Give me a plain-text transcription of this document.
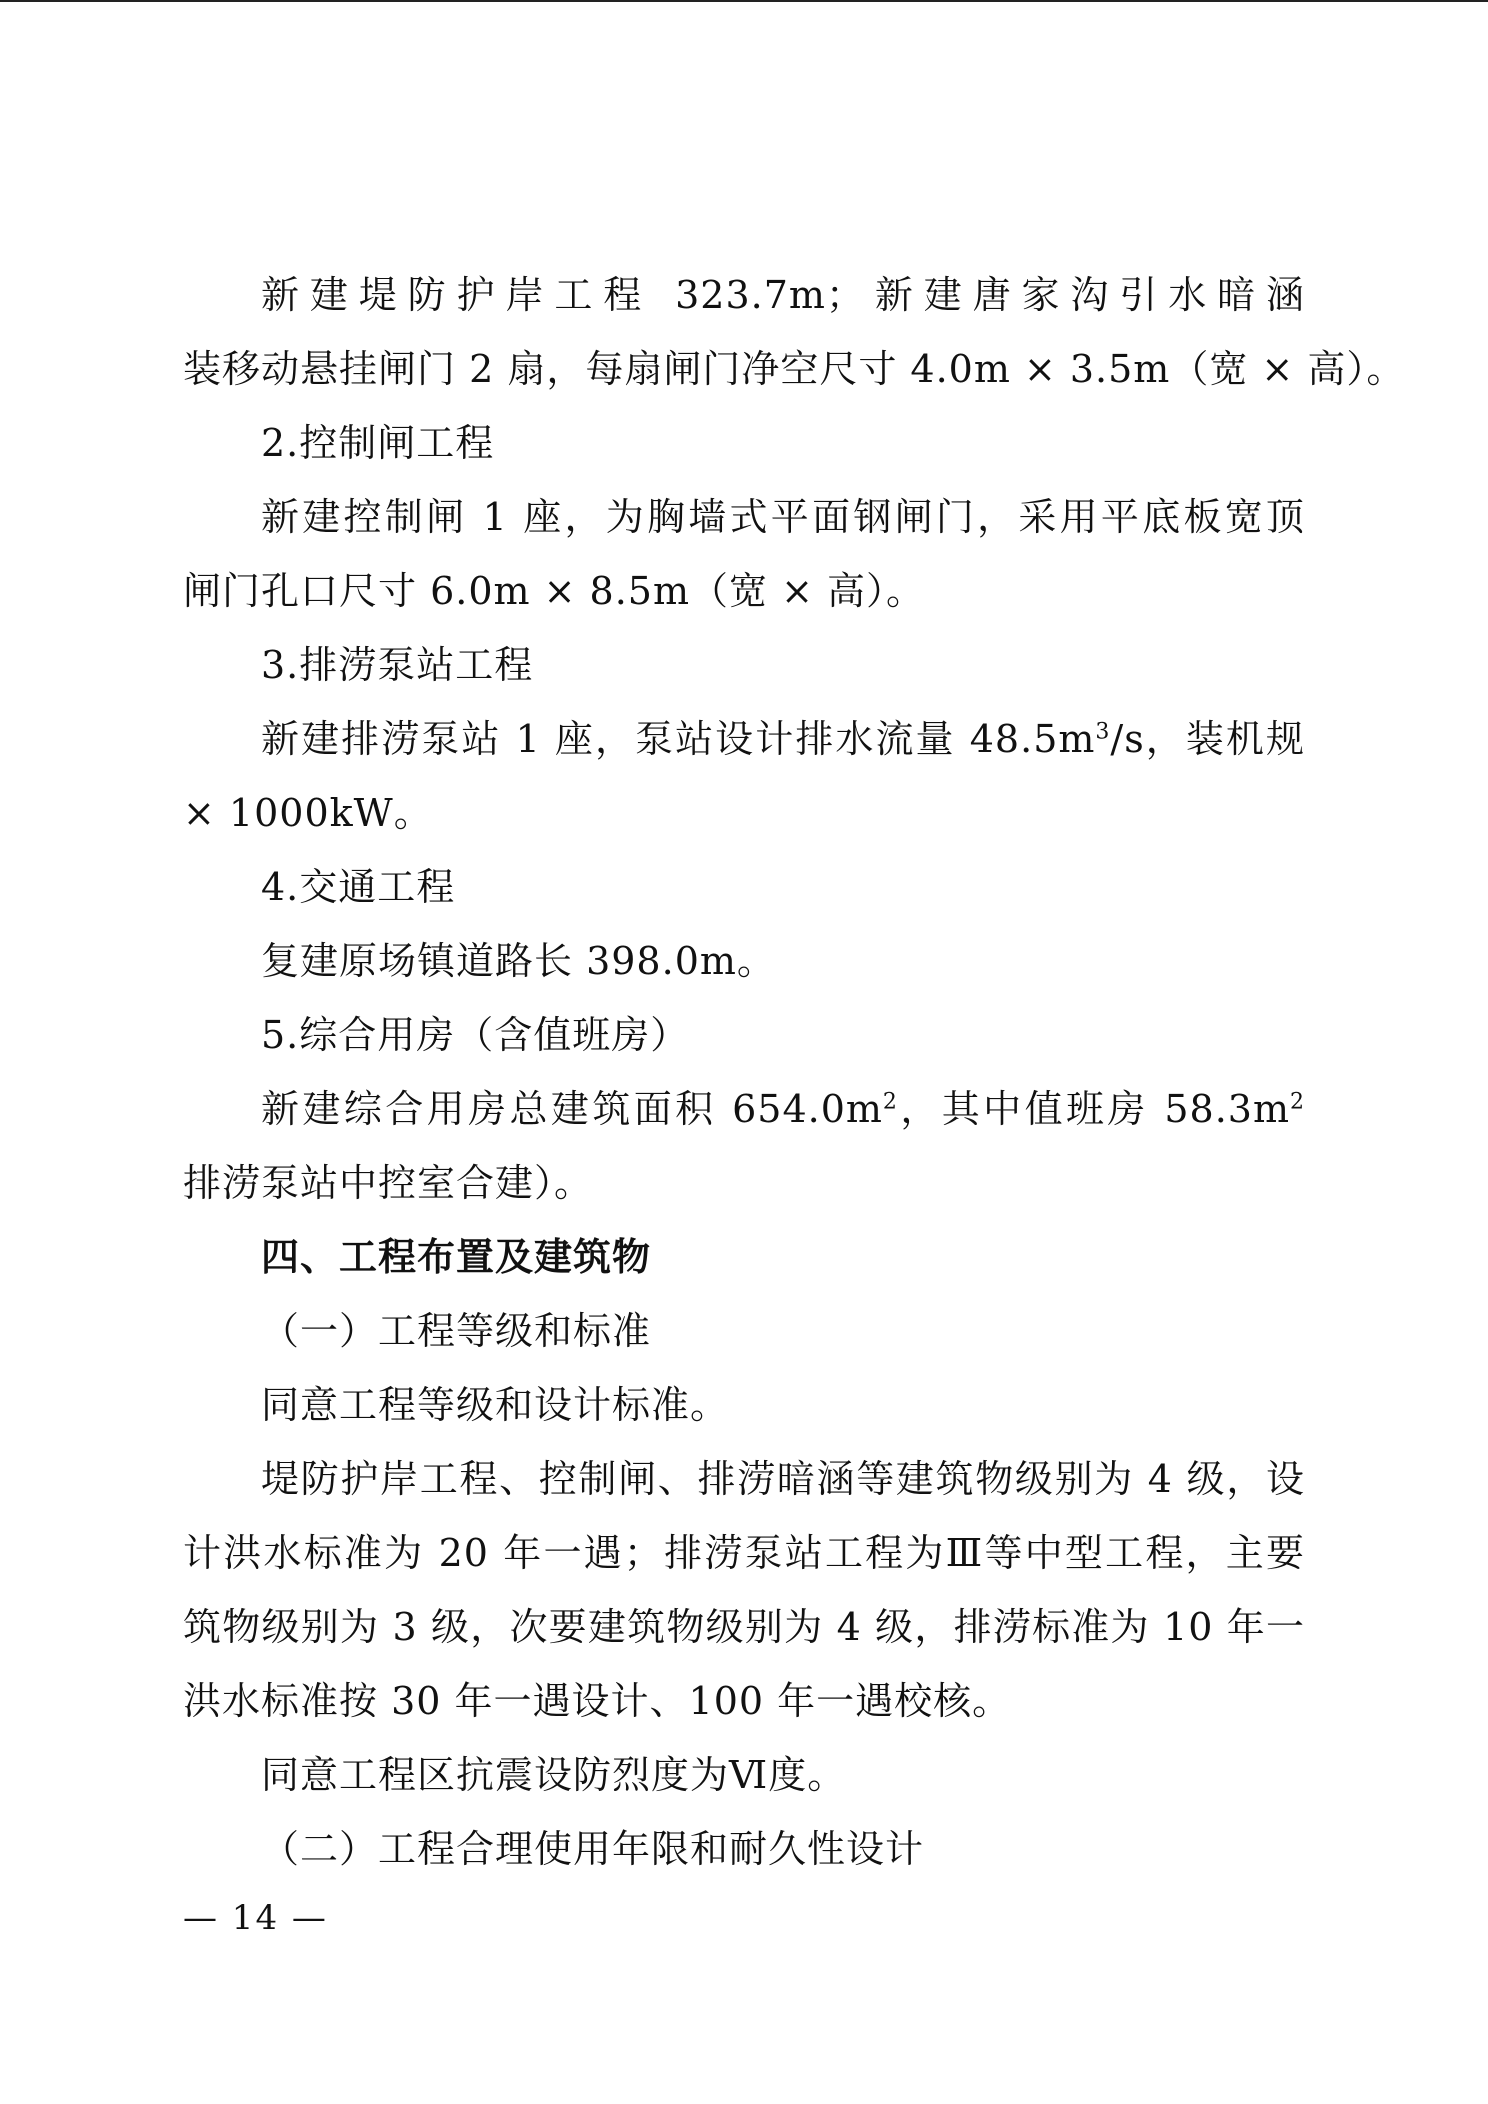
新建堤防护岸工程 323.7m；新建唐家沟引水暗涵
装移动悬挂闸门 2 扇，每扇闸门净空尺寸 4.0m × 3.5m（宽 × 高）。
2.控制闸工程
新建控制闸 1 座，为胸墙式平面钢闸门，采用平底板宽顶
闸门孔口尺寸 6.0m × 8.5m（宽 × 高）。
3.排涝泵站工程
新建排涝泵站 1 座，泵站设计排水流量 $48.5m^3/s$，装机规
× 1000kW。
4.交通工程
复建原场镇道路长 398.0m。
5.综合用房（含值班房）
新建综合用房总建筑面积 $654.0m^2$，其中值班房 $58.3m^2$
排涝泵站中控室合建）。
四、工程布置及建筑物
（一）工程等级和标准
同意工程等级和设计标准。
堤防护岸工程、控制闸、排涝暗涵等建筑物级别为 4 级，设
计洪水标准为 20 年一遇；排涝泵站工程为Ⅲ等中型工程，主要
筑物级别为 3 级，次要建筑物级别为 4 级，排涝标准为 10 年一
洪水标准按 30 年一遇设计、100 年一遇校核。
同意工程区抗震设防烈度为Ⅵ度。
（二）工程合理使用年限和耐久性设计
— 14 —
